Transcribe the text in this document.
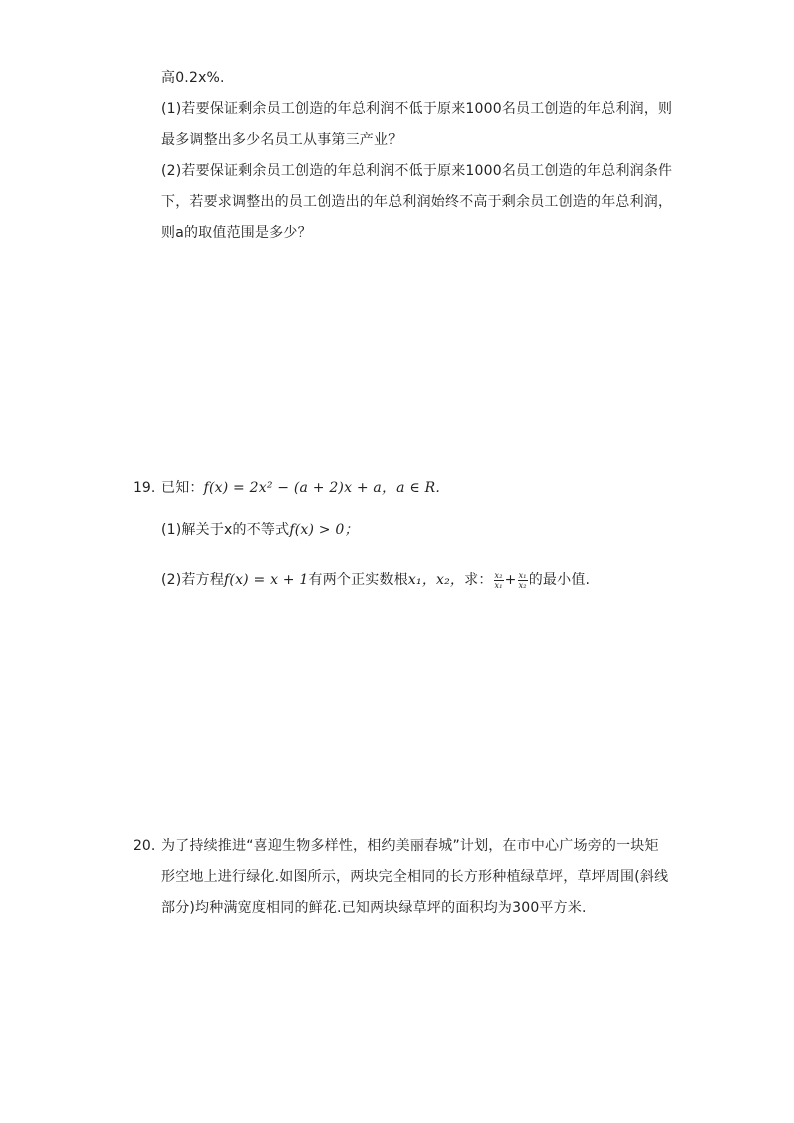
高0.2x%.
(1)若要保证剩余员工创造的年总利润不低于原来1000名员工创造的年总利润，则
最多调整出多少名员工从事第三产业？
(2)若要保证剩余员工创造的年总利润不低于原来1000名员工创造的年总利润条件
下，若要求调整出的员工创造出的年总利润始终不高于剩余员工创造的年总利润，
则a的取值范围是多少？
19. 已知：f(x) = 2x² − (a + 2)x + a，a ∈ R.
(1)解关于x的不等式f(x) > 0；
(2)若方程f(x) = x + 1有两个正实数根x₁，x₂，求： $\frac{\text{x₂}}{\text{x₁}} + \frac{\text{x₁}}{\text{x₂}}$ 的最小值.
20. 为了持续推进“喜迎生物多样性，相约美丽春城”计划，在市中心广场旁的一块矩
形空地上进行绿化.如图所示，两块完全相同的长方形种植绿草坪，草坪周围(斜线
部分)均种满宽度相同的鲜花.已知两块绿草坪的面积均为300平方米.
